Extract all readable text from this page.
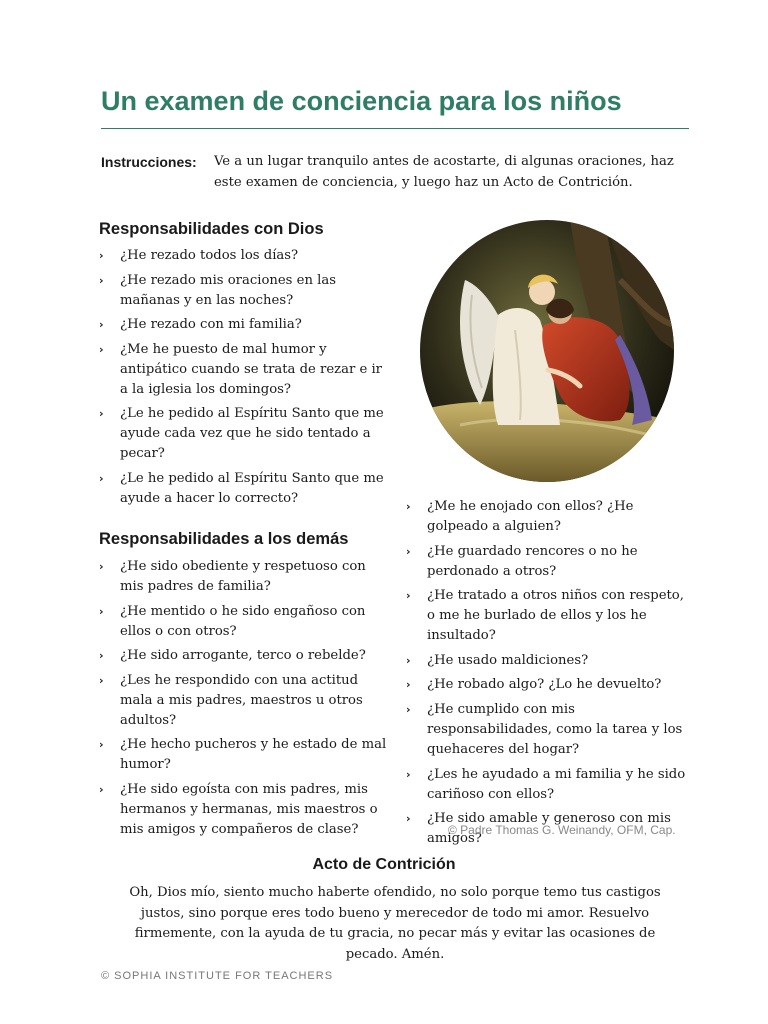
Un examen de conciencia para los niños
Instrucciones: Ve a un lugar tranquilo antes de acostarte, di algunas oraciones, haz este examen de conciencia, y luego haz un Acto de Contrición.
Responsabilidades con Dios
› ¿He rezado todos los días?
› ¿He rezado mis oraciones en las mañanas y en las noches?
› ¿He rezado con mi familia?
› ¿Me he puesto de mal humor y antipático cuando se trata de rezar e ir a la iglesia los domingos?
› ¿Le he pedido al Espíritu Santo que me ayude cada vez que he sido tentado a pecar?
› ¿Le he pedido al Espíritu Santo que me ayude a hacer lo correcto?
Responsabilidades a los demás
› ¿He sido obediente y respetuoso con mis padres de familia?
› ¿He mentido o he sido engañoso con ellos o con otros?
› ¿He sido arrogante, terco o rebelde?
› ¿Les he respondido con una actitud mala a mis padres, maestros u otros adultos?
› ¿He hecho pucheros y he estado de mal humor?
› ¿He sido egoísta con mis padres, mis hermanos y hermanas, mis maestros o mis amigos y compañeros de clase?
› ¿Me he enojado con ellos? ¿He golpeado a alguien?
› ¿He guardado rencores o no he perdonado a otros?
› ¿He tratado a otros niños con respeto, o me he burlado de ellos y los he insultado?
› ¿He usado maldiciones?
› ¿He robado algo? ¿Lo he devuelto?
› ¿He cumplido con mis responsabilidades, como la tarea y los quehaceres del hogar?
› ¿Les he ayudado a mi familia y he sido cariñoso con ellos?
› ¿He sido amable y generoso con mis amigos?
© Padre Thomas G. Weinandy, OFM, Cap.
Acto de Contrición
Oh, Dios mío, siento mucho haberte ofendido, no solo porque temo tus castigos justos, sino porque eres todo bueno y merecedor de todo mi amor. Resuelvo firmemente, con la ayuda de tu gracia, no pecar más y evitar las ocasiones de pecado. Amén.
© SOPHIA INSTITUTE FOR TEACHERS
